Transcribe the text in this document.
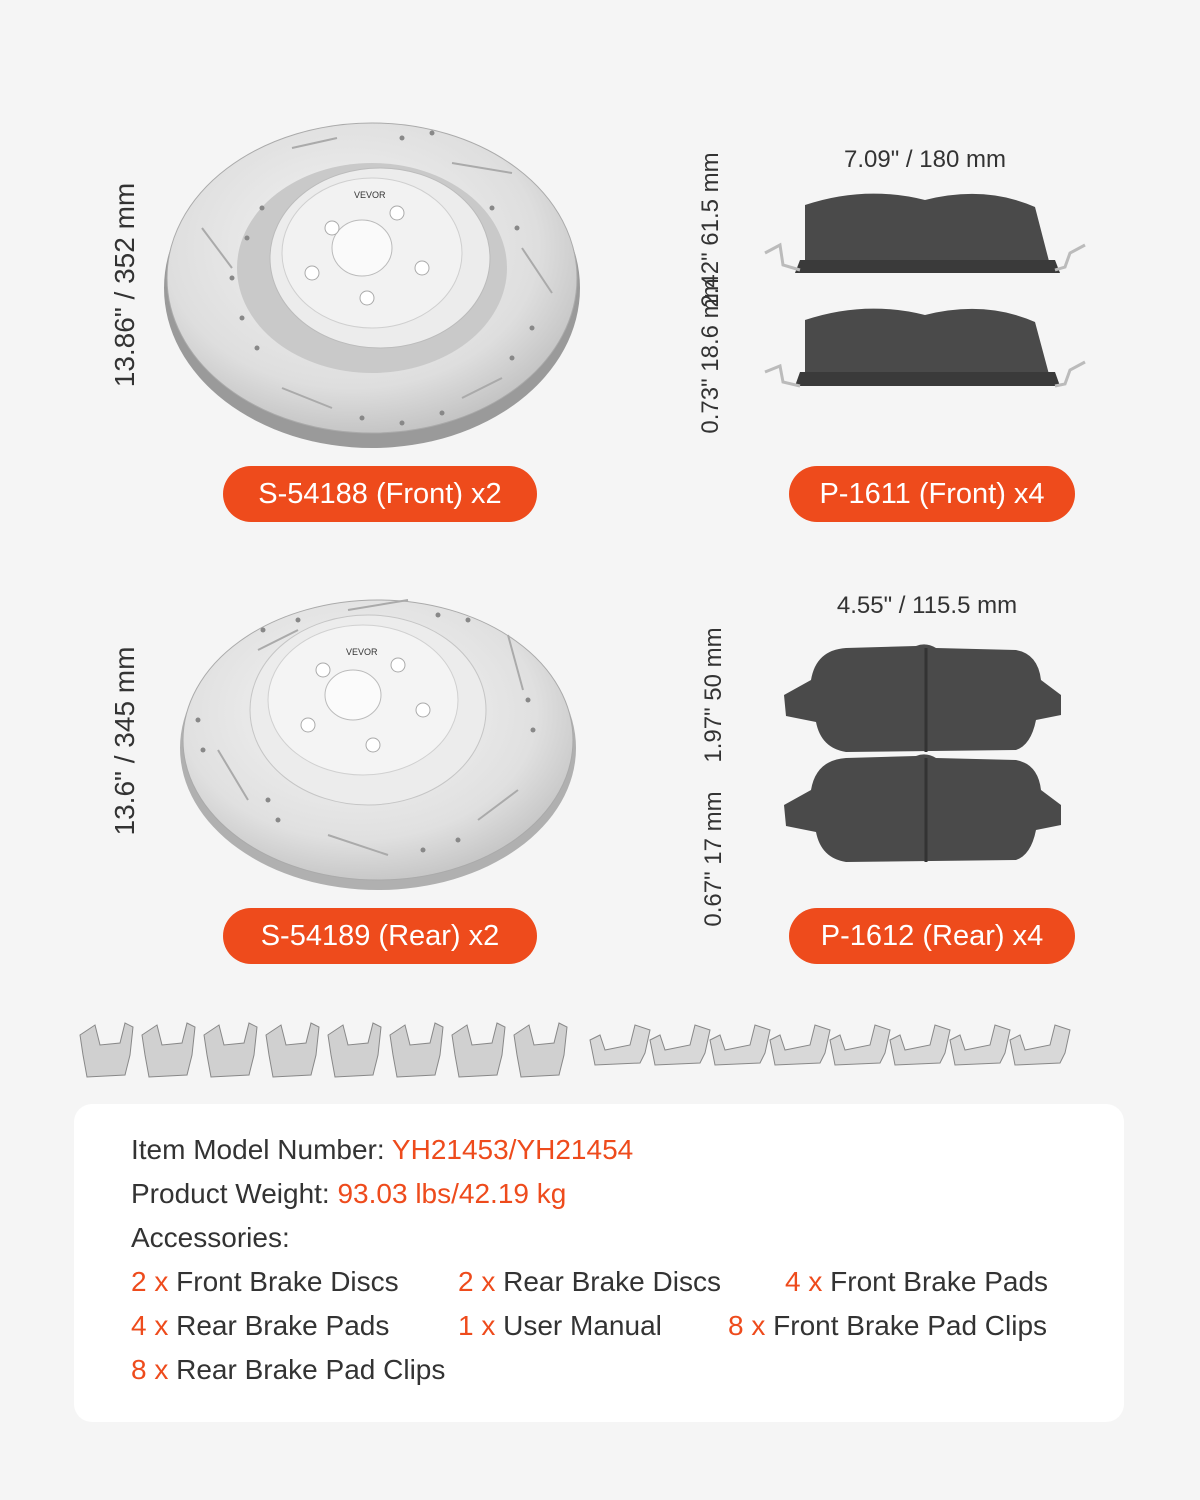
13.86" / 352 mm	VEVOR
S-54188 (Front) x2
7.09" / 180 mm
2.42" 61.5 mm
0.73" 18.6 mm
P-1611 (Front) x4
13.6" / 345 mm	VEVOR
S-54189 (Rear) x2
4.55" / 115.5 mm
1.97" 50 mm
0.67" 17 mm
P-1612 (Rear) x4
Item Model Number: YH21453/YH21454
Product Weight: 93.03 lbs/42.19 kg
Accessories:
2 x Front Brake Discs 2 x Rear Brake Discs 4 x Front Brake Pads
4 x Rear Brake Pads 1 x User Manual 8 x Front Brake Pad Clips
8 x Rear Brake Pad Clips
